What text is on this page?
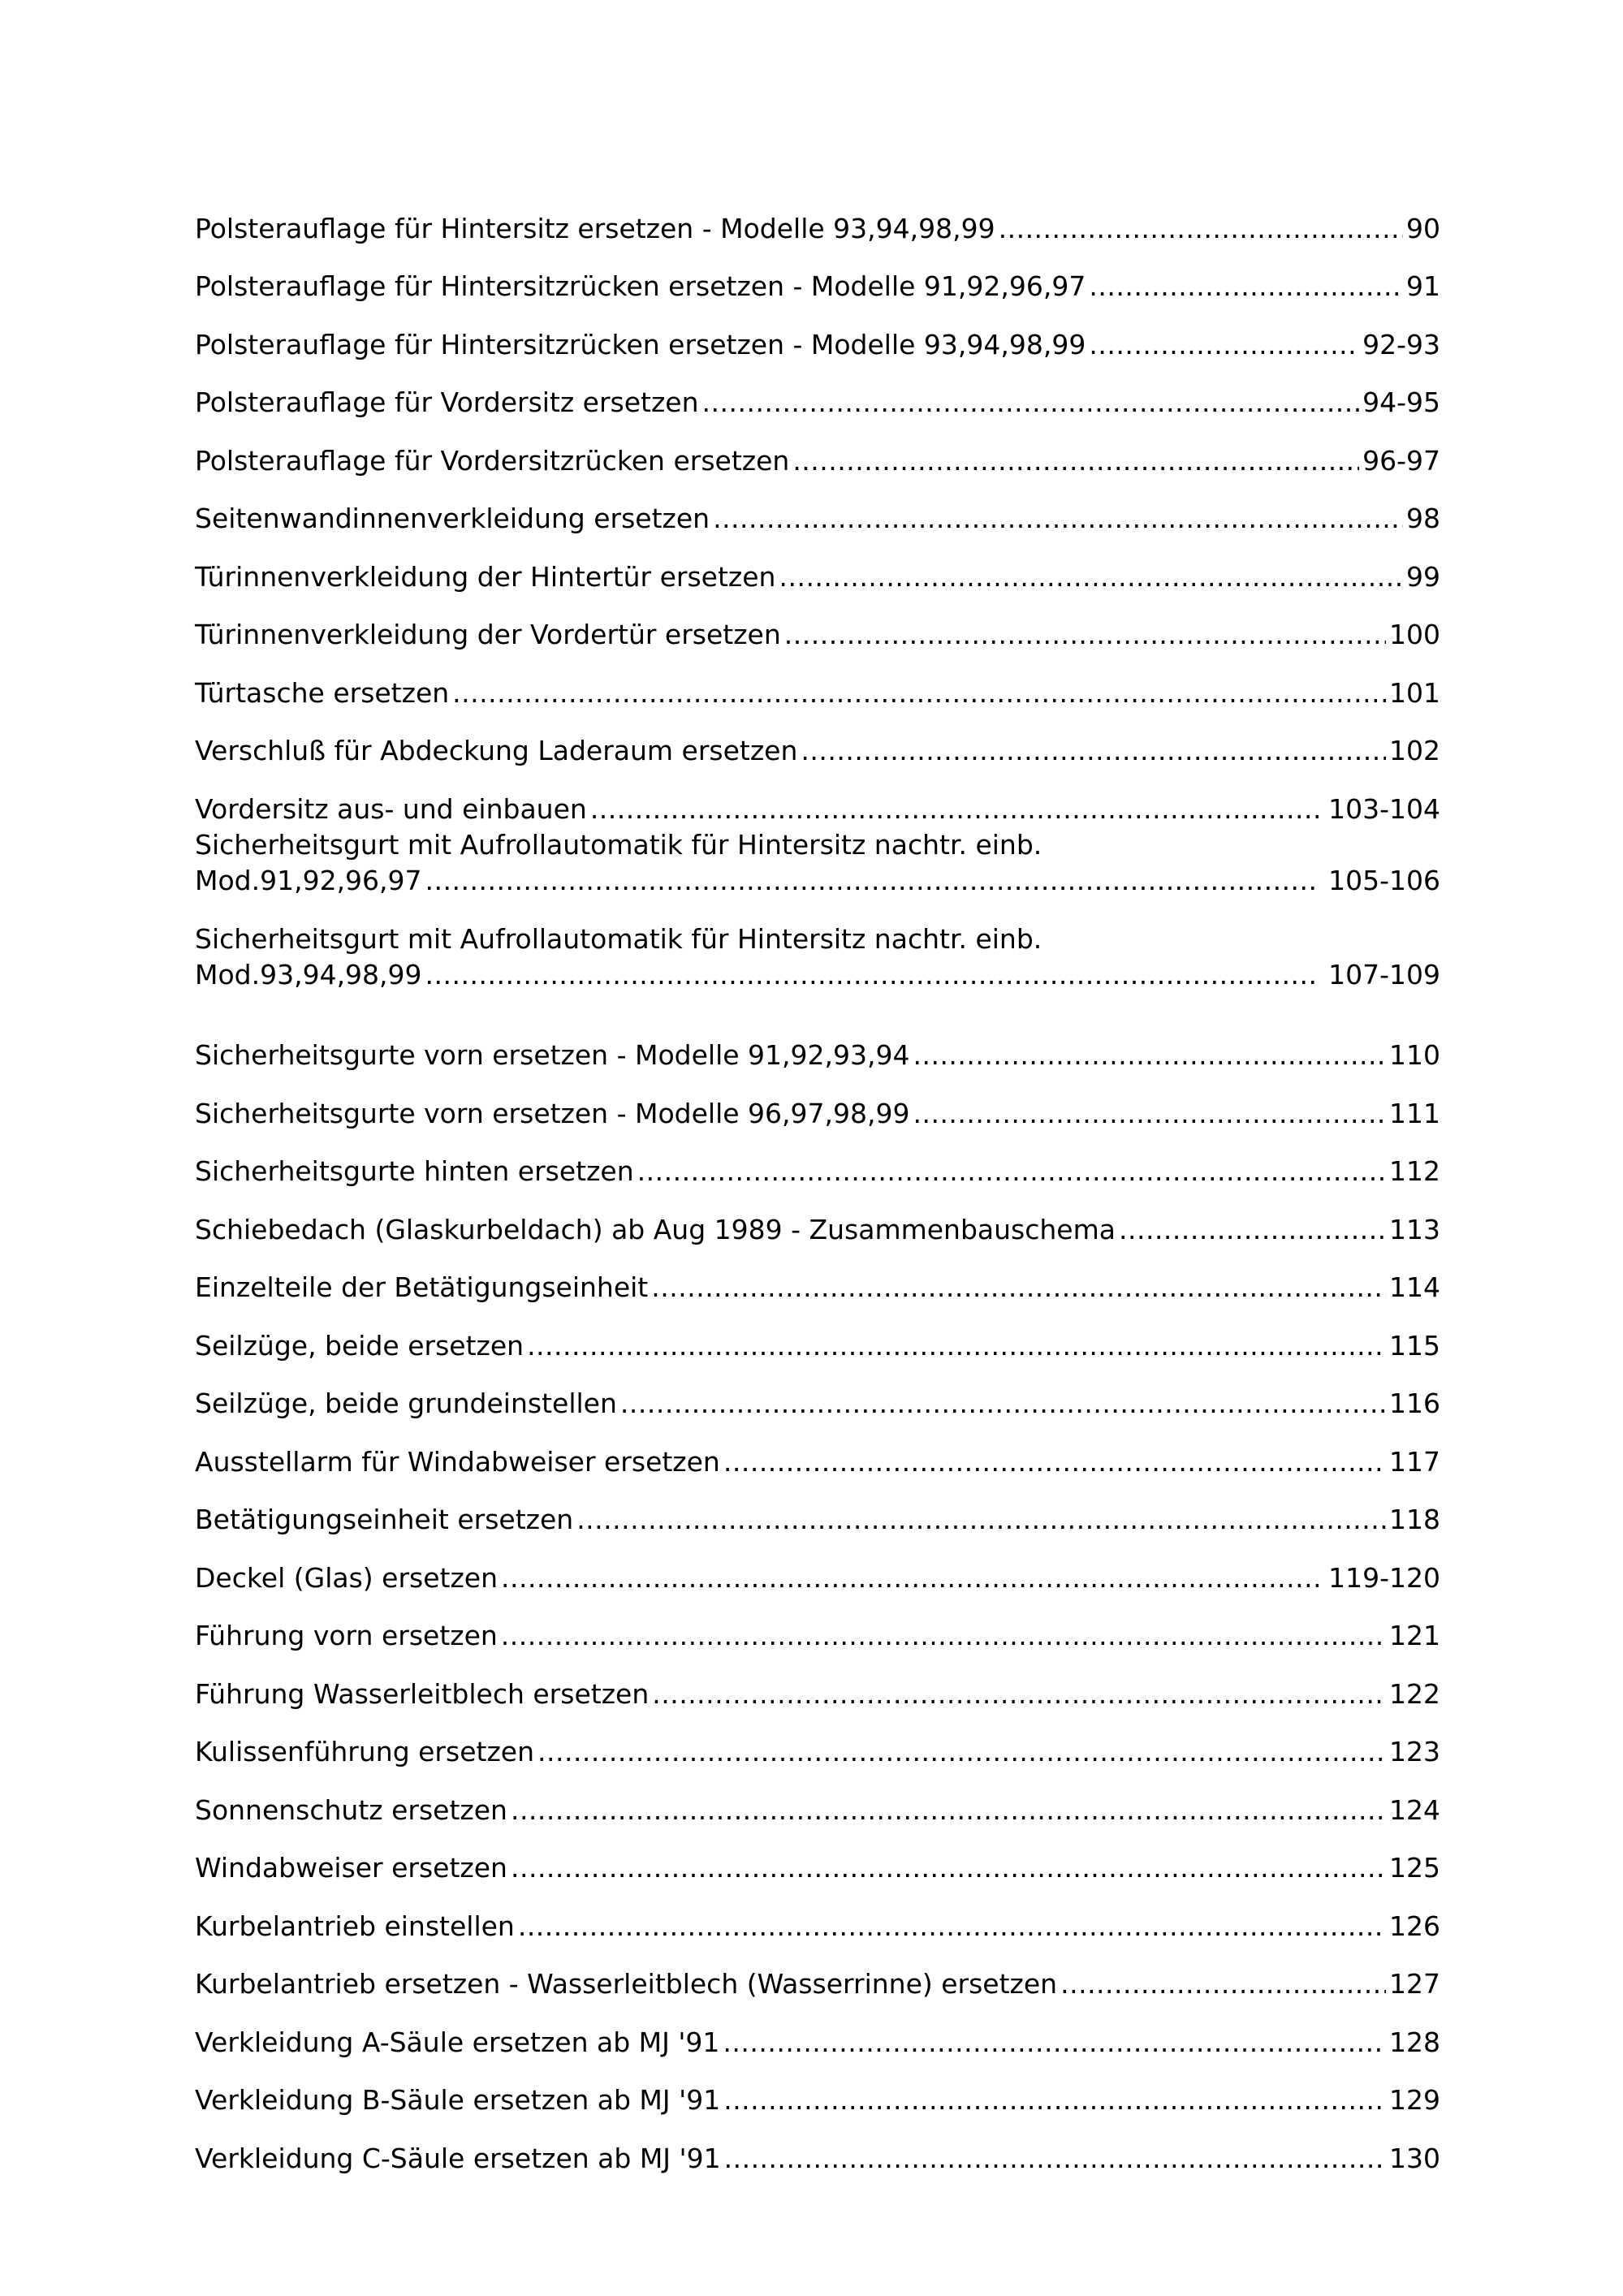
Polsterauflage für Hintersitz ersetzen - Modelle 93,94,98,99 .....	90
Polsterauflage für Hintersitzrücken ersetzen - Modelle 91,92,96,97 .....	91
Polsterauflage für Hintersitzrücken ersetzen - Modelle 93,94,98,99 .....	92-93
Polsterauflage für Vordersitz ersetzen .....	94-95
Polsterauflage für Vordersitzrücken ersetzen .....	96-97
Seitenwandinnenverkleidung ersetzen .....	98
Türinnenverkleidung der Hintertür ersetzen .....	99
Türinnenverkleidung der Vordertür ersetzen .....	100
Türtasche ersetzen .....	101
Verschluß für Abdeckung Laderaum ersetzen .....	102
Vordersitz aus- und einbauen .....	103-104
Sicherheitsgurt mit Aufrollautomatik für Hintersitz nachtr. einb.
Mod.91,92,96,97 .....	105-106
Sicherheitsgurt mit Aufrollautomatik für Hintersitz nachtr. einb.
Mod.93,94,98,99 .....	107-109
Sicherheitsgurte vorn ersetzen - Modelle 91,92,93,94 .....	110
Sicherheitsgurte vorn ersetzen - Modelle 96,97,98,99 .....	111
Sicherheitsgurte hinten ersetzen .....	112
Schiebedach (Glaskurbeldach) ab Aug 1989 - Zusammenbauschema .....	113
Einzelteile der Betätigungseinheit .....	114
Seilzüge, beide ersetzen .....	115
Seilzüge, beide grundeinstellen .....	116
Ausstellarm für Windabweiser ersetzen .....	117
Betätigungseinheit ersetzen .....	118
Deckel (Glas) ersetzen .....	119-120
Führung vorn ersetzen .....	121
Führung Wasserleitblech ersetzen .....	122
Kulissenführung ersetzen .....	123
Sonnenschutz ersetzen .....	124
Windabweiser ersetzen .....	125
Kurbelantrieb einstellen .....	126
Kurbelantrieb ersetzen - Wasserleitblech (Wasserrinne) ersetzen .....	127
Verkleidung A-Säule ersetzen ab MJ '91 .....	128
Verkleidung B-Säule ersetzen ab MJ '91 .....	129
Verkleidung C-Säule ersetzen ab MJ '91 .....	130
